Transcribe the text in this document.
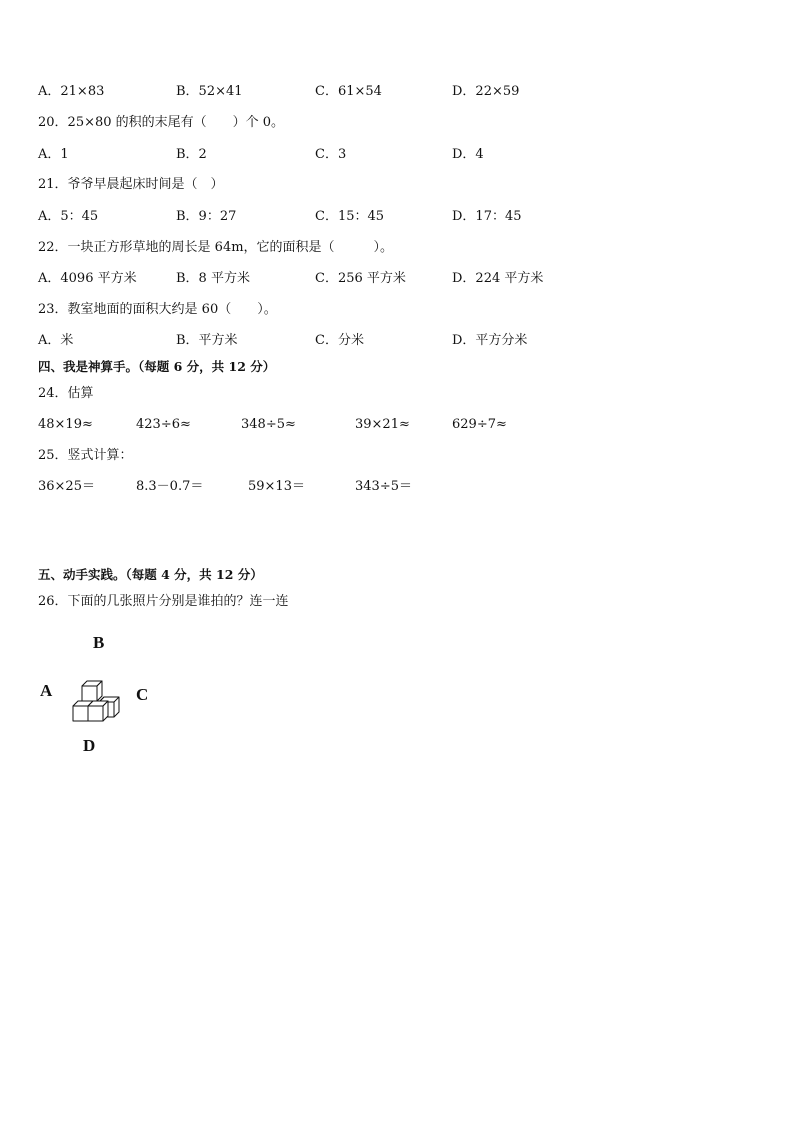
A．21×83	B．52×41	C．61×54	D．22×59
20．25×80 的积的末尾有（　　）个 0。
A．1	B．2	C．3	D．4
21．爷爷早晨起床时间是（　）
A．5：45	B．9：27	C．15：45	D．17：45
22．一块正方形草地的周长是 64m，它的面积是（　　　）。
A．4096 平方米	B．8 平方米	C．256 平方米	D．224 平方米
23．教室地面的面积大约是 60（　　）。
A．米	B．平方米	C．分米	D．平方分米
四、我是神算手。（每题 6 分，共 12 分）
24．估算
48×19≈	423÷6≈	348÷5≈	39×21≈	629÷7≈
25．竖式计算：
36×25＝	8.3－0.7＝	59×13＝	343÷5＝
五、动手实践。（每题 4 分，共 12 分）
26．下面的几张照片分别是谁拍的？连一连
B
A	C
D
